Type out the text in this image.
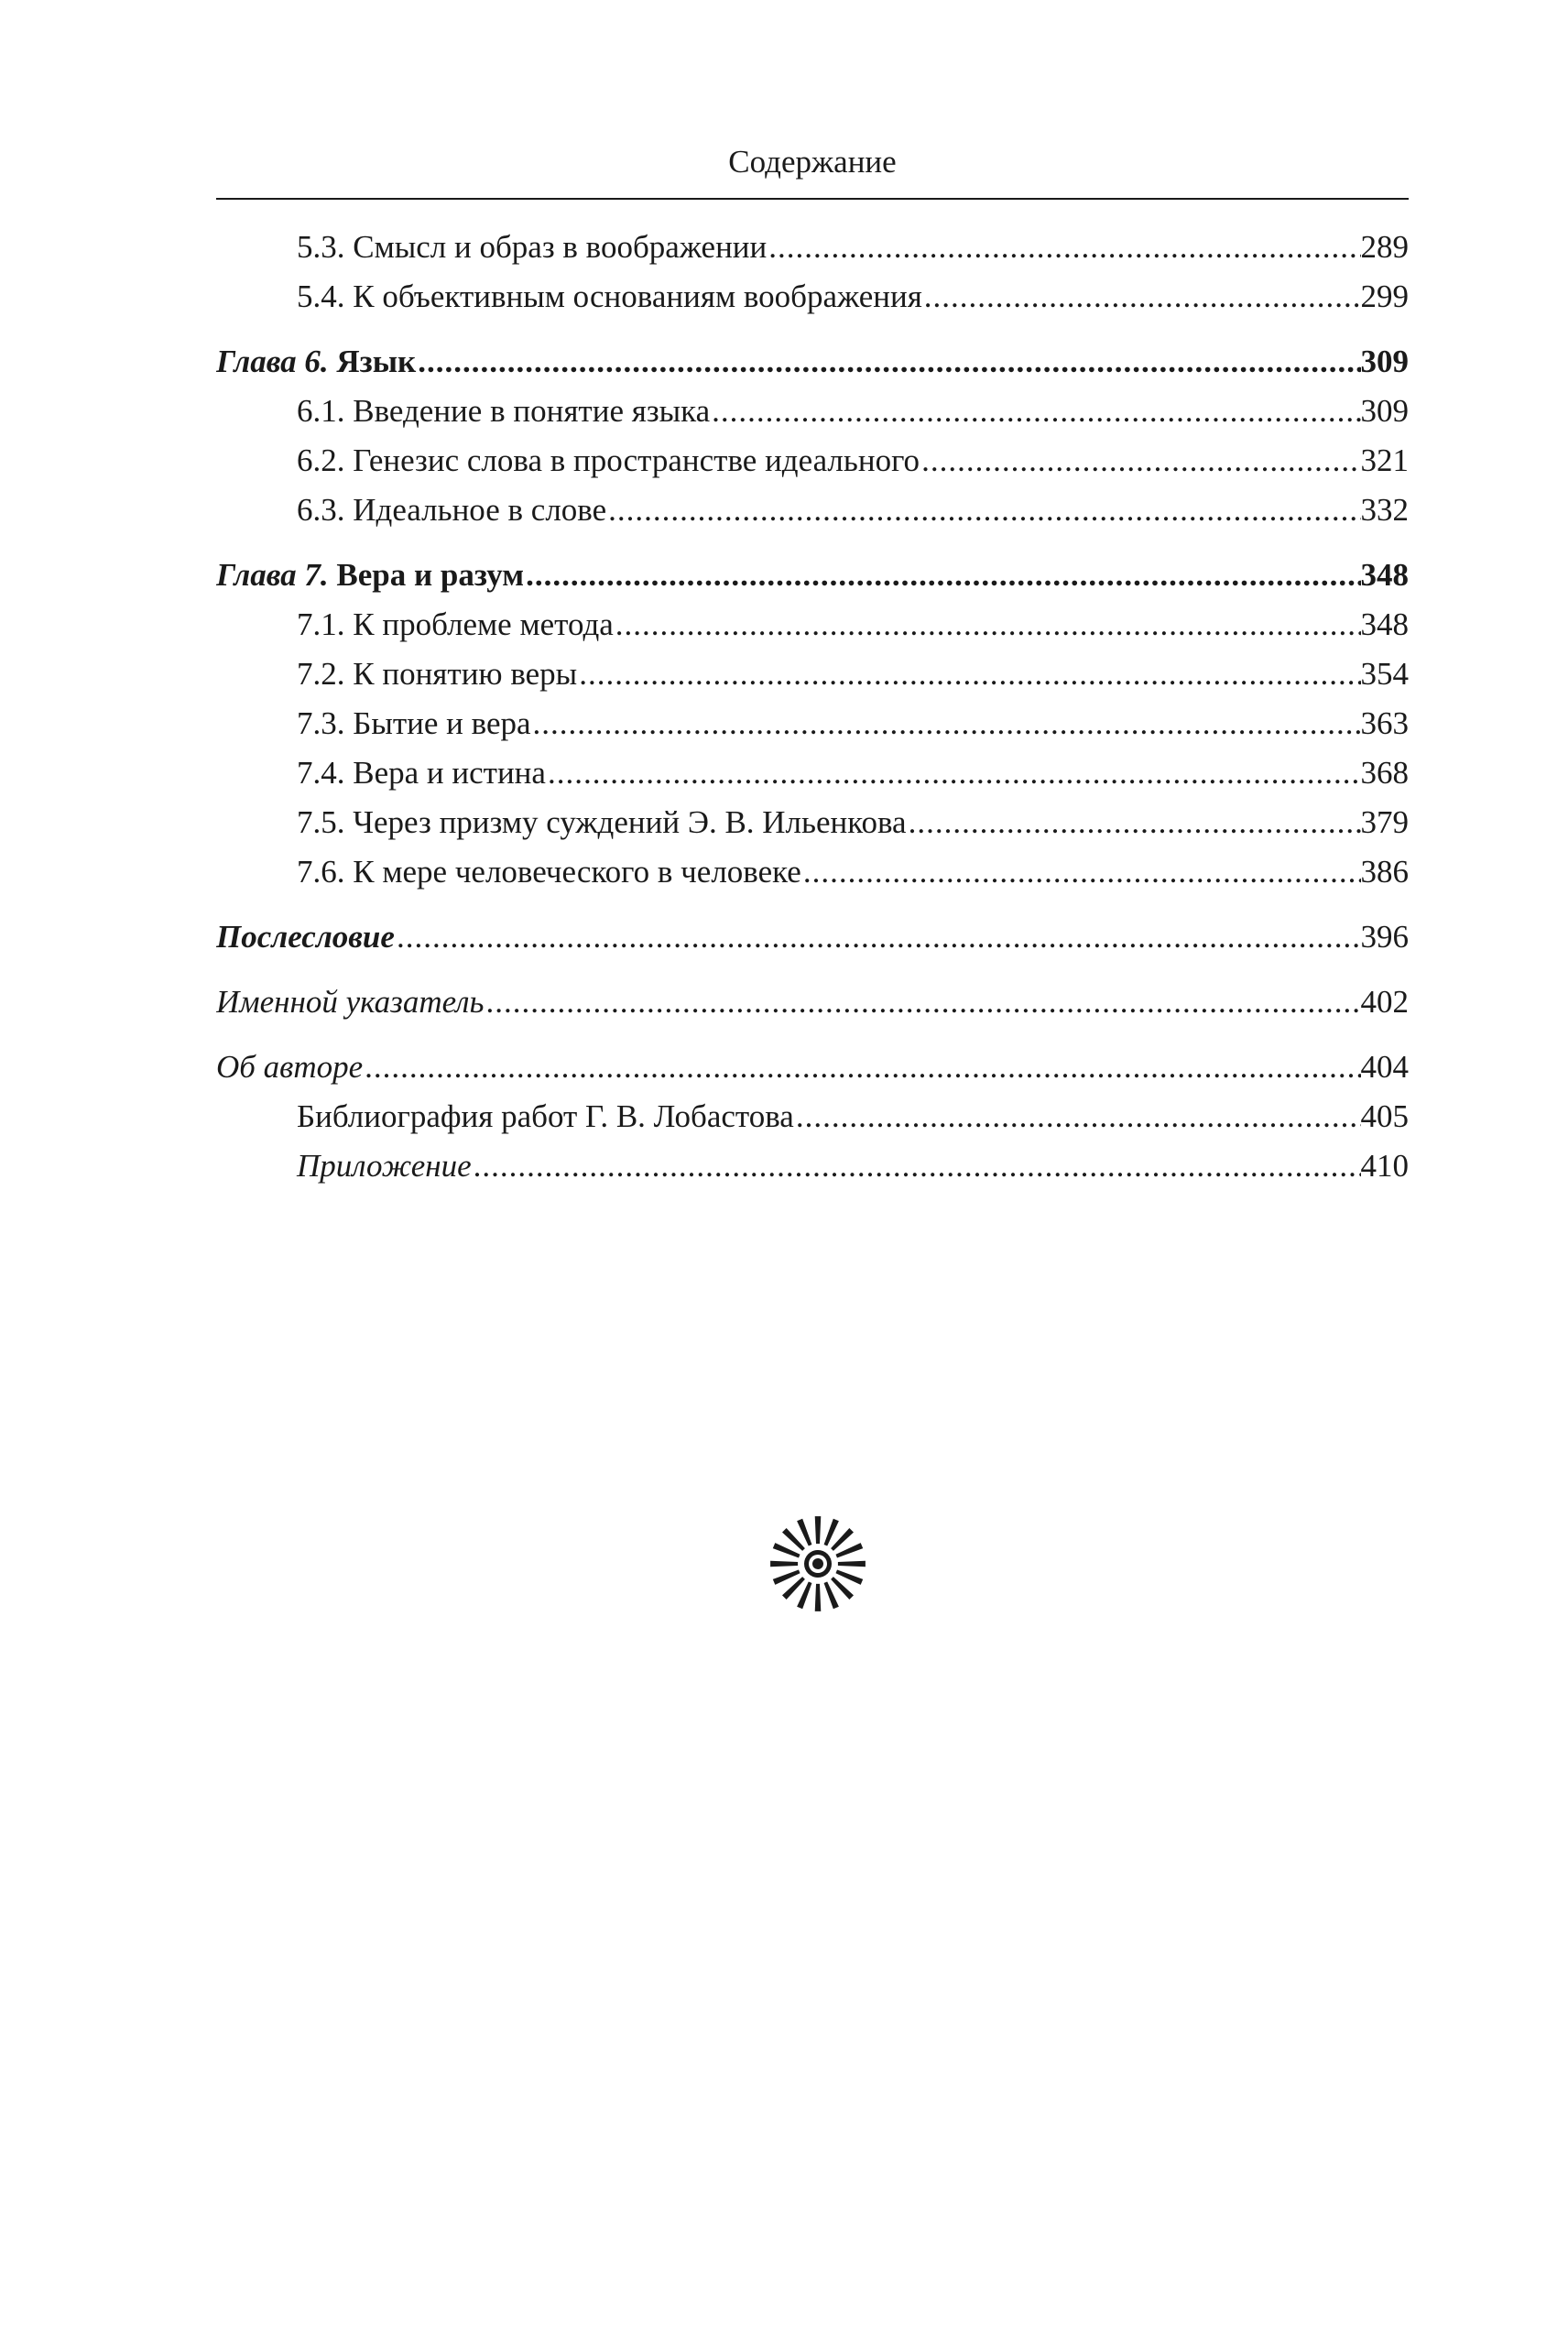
Содержание
5.3. Смысл и образ в воображении .....	289
5.4. К объективным основаниям воображения .....	299
Глава 6. Язык .....	309
6.1. Введение в понятие языка .....	309
6.2. Генезис слова в пространстве идеального .....	321
6.3. Идеальное в слове .....	332
Глава 7. Вера и разум .....	348
7.1. К проблеме метода .....	348
7.2. К понятию веры .....	354
7.3. Бытие и вера .....	363
7.4. Вера и истина .....	368
7.5. Через призму суждений Э. В. Ильенкова .....	379
7.6. К мере человеческого в человеке .....	386
Послесловие .....	396
Именной указатель .....	402
Об авторе .....	404
Библиография работ Г. В. Лобастова .....	405
Приложение .....	410
